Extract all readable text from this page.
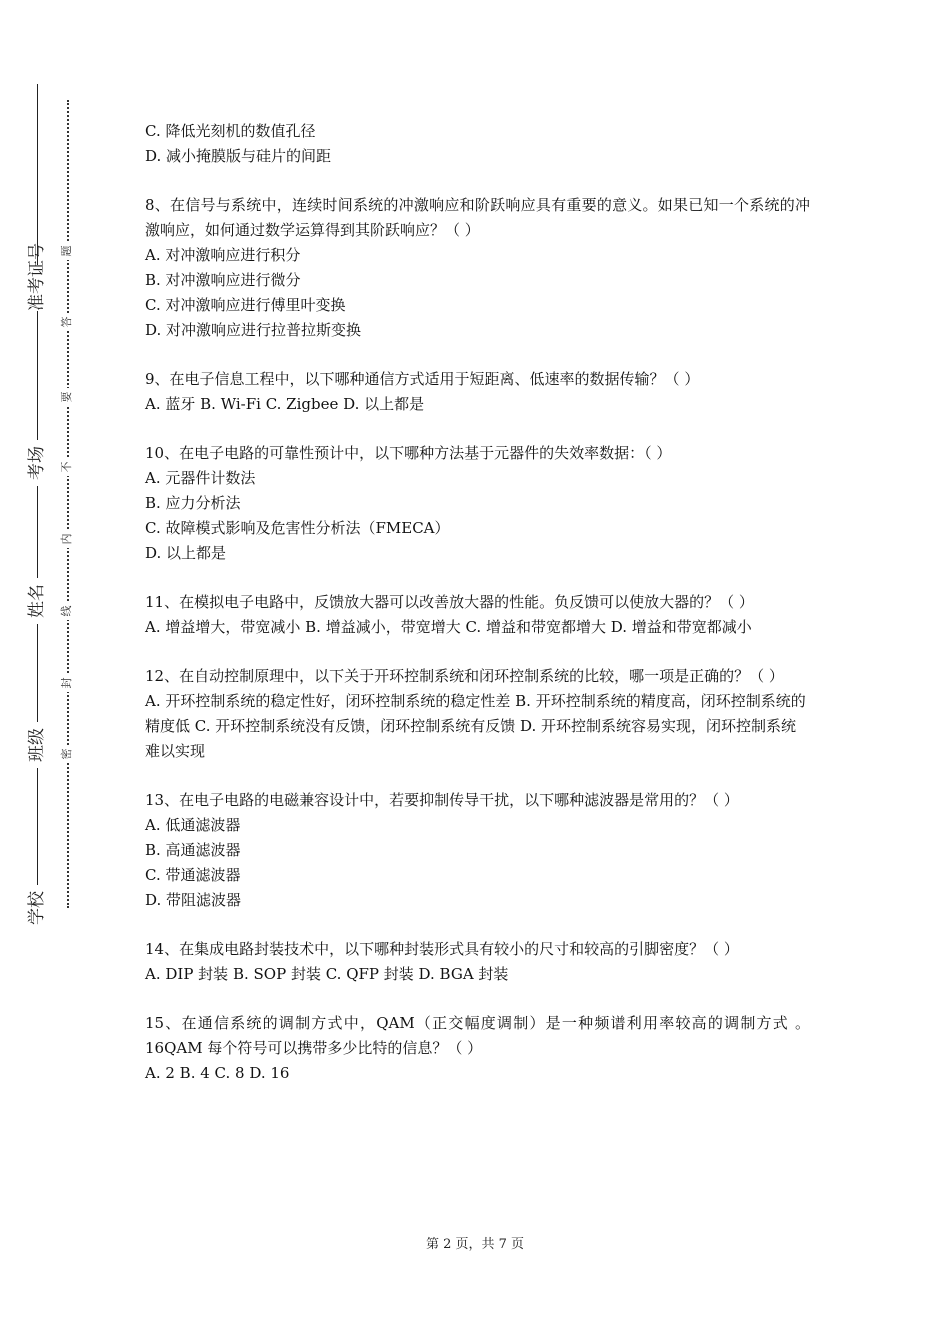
准考证号
考场
姓名
班级
学校
题
答
要
不
内
线
封
密

C. 降低光刻机的数值孔径

D. 减小掩膜版与硅片的间距

8、在信号与系统中，连续时间系统的冲激响应和阶跃响应具有重要的意义。如果已知一个系统的冲激响应，如何通过数学运算得到其阶跃响应？（ ）

A. 对冲激响应进行积分

B. 对冲激响应进行微分

C. 对冲激响应进行傅里叶变换

D. 对冲激响应进行拉普拉斯变换

9、在电子信息工程中，以下哪种通信方式适用于短距离、低速率的数据传输？（ ）

A. 蓝牙 B. Wi-Fi C. Zigbee D. 以上都是

10、在电子电路的可靠性预计中，以下哪种方法基于元器件的失效率数据：（ ）

A. 元器件计数法

B. 应力分析法

C. 故障模式影响及危害性分析法（FMECA）

D. 以上都是

11、在模拟电子电路中，反馈放大器可以改善放大器的性能。负反馈可以使放大器的？（ ）

A. 增益增大，带宽减小 B. 增益减小，带宽增大 C. 增益和带宽都增大 D. 增益和带宽都减小

12、在自动控制原理中，以下关于开环控制系统和闭环控制系统的比较，哪一项是正确的？（ ）

A. 开环控制系统的稳定性好，闭环控制系统的稳定性差 B. 开环控制系统的精度高，闭环控制系统的精度低 C. 开环控制系统没有反馈，闭环控制系统有反馈 D. 开环控制系统容易实现，闭环控制系统难以实现

13、在电子电路的电磁兼容设计中，若要抑制传导干扰，以下哪种滤波器是常用的？（ ）

A. 低通滤波器

B. 高通滤波器

C. 带通滤波器

D. 带阻滤波器

14、在集成电路封装技术中，以下哪种封装形式具有较小的尺寸和较高的引脚密度？（ ）

A. DIP 封装 B. SOP 封装 C. QFP 封装 D. BGA 封装

15、在通信系统的调制方式中，QAM（正交幅度调制）是一种频谱利用率较高的调制方式 。16QAM 每个符号可以携带多少比特的信息？（ ）

A. 2 B. 4 C. 8 D. 16

第 2 页，共 7 页
